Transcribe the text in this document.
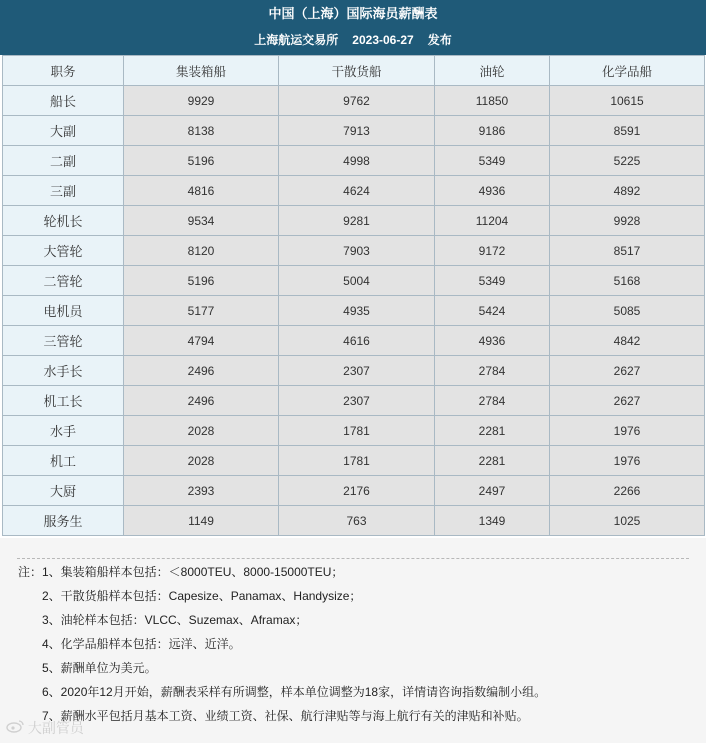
中国（上海）国际海员薪酬表
上海航运交易所 2023-06-27 发布
职务	集装箱船	干散货船	油轮	化学品船
船长	9929	9762	11850	10615
大副	8138	7913	9186	8591
二副	5196	4998	5349	5225
三副	4816	4624	4936	4892
轮机长	9534	9281	11204	9928
大管轮	8120	7903	9172	8517
二管轮	5196	5004	5349	5168
电机员	5177	4935	5424	5085
三管轮	4794	4616	4936	4842
水手长	2496	2307	2784	2627
机工长	2496	2307	2784	2627
水手	2028	1781	2281	1976
机工	2028	1781	2281	1976
大厨	2393	2176	2497	2266
服务生	1149	763	1349	1025
注：1、集装箱船样本包括：＜8000TEU、8000-15000TEU；
2、干散货船样本包括：Capesize、Panamax、Handysize；
3、油轮样本包括：VLCC、Suzemax、Aframax；
4、化学品船样本包括：远洋、近洋。
5、薪酬单位为美元。
6、2020年12月开始，薪酬表采样有所调整，样本单位调整为18家，详情请咨询指数编制小组。
7、薪酬水平包括月基本工资、业绩工资、社保、航行津贴等与海上航行有关的津贴和补贴。
大副管员
